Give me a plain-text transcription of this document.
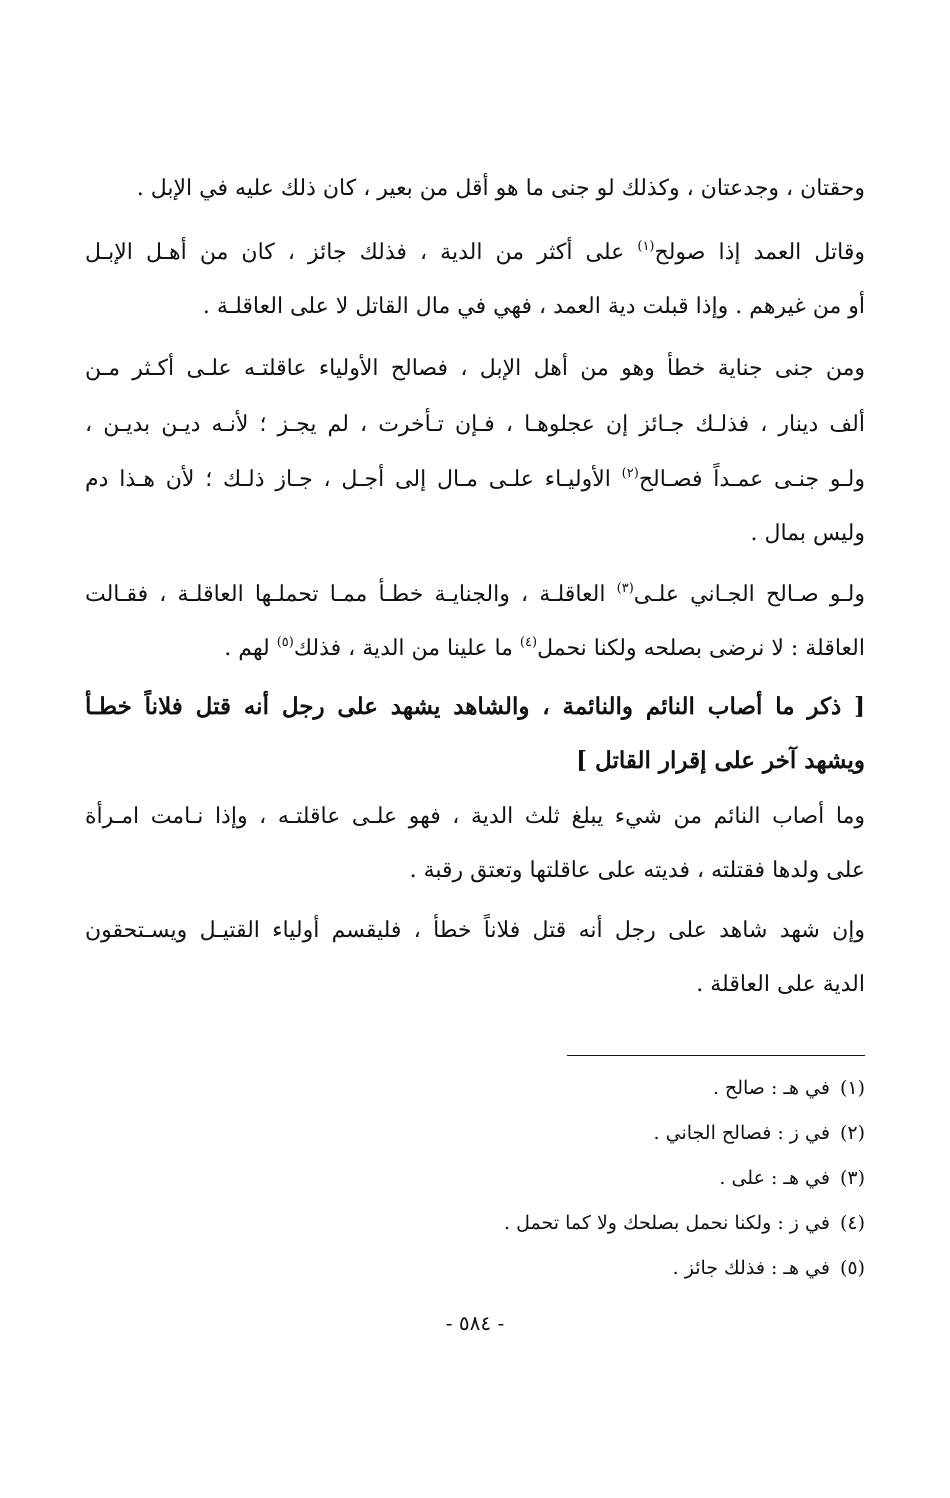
وحقتان ، وجدعتان ، وكذلك لو جنى ما هو أقل من بعير ، كان ذلك عليه في الإبل .
وقاتل العمد إذا صولح$^{(١)}$ على أكثر من الدية ، فذلك جائز ، كان من أهـل الإبـل
أو من غيرهم . وإذا قبلت دية العمد ، فهي في مال القاتل لا على العاقلـة .
ومن جنى جناية خطأ وهو من أهل الإبل ، فصالح الأولياء عاقلتـه علـى أكـثر مـن
ألف دينار ، فذلـك جـائز إن عجلوهـا ، فـإن تـأخرت ، لم يجـز ؛ لأنـه ديـن بديـن ،
ولـو جنـى عمـداً فصـالح$^{(٢)}$ الأوليـاء علـى مـال إلى أجـل ، جـاز ذلـك ؛ لأن هـذا دم
وليس بمال .
ولـو صـالح الجـاني علـى$^{(٣)}$ العاقلـة ، والجنايـة خطـأ ممـا تحملـها العاقلـة ، فقـالت
العاقلة : لا نرضى بصلحه ولكنا نحمل$^{(٤)}$ ما علينا من الدية ، فذلك$^{(٥)}$ لهم .
[ ذكر ما أصاب النائم والنائمة ، والشاهد يشهد على رجل أنه قتل فلاناً خطـأ
ويشهد آخر على إقرار القاتل ]
وما أصاب النائم من شيء يبلغ ثلث الدية ، فهو علـى عاقلتـه ، وإذا نـامت امـرأة
على ولدها فقتلته ، فديته على عاقلتها وتعتق رقبة .
وإن شهد شاهد على رجل أنه قتل فلاناً خطأ ، فليقسم أولياء القتيـل ويسـتحقون
الدية على العاقلة .
(١)في هـ : صالح .
(٢)في ز : فصالح الجاني .
(٣)في هـ : على .
(٤)في ز : ولكنا نحمل بصلحك ولا كما تحمل .
(٥)في هـ : فذلك جائز .
- ٥٨٤ -
